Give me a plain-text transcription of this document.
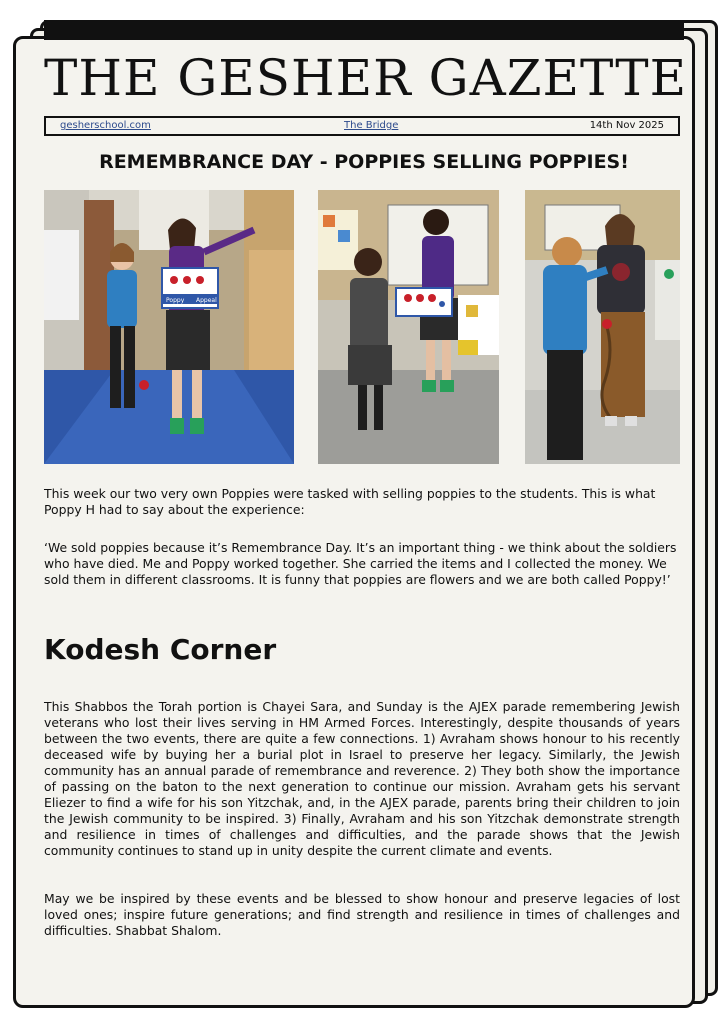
THE GESHER GAZETTE
gesherschool.com	The Bridge	14th Nov 2025
REMEMBRANCE DAY - POPPIES SELLING POPPIES!
Poppy Appeal
This week our two very own Poppies were tasked with selling poppies to the students. This is what Poppy H had to say about the experience:
‘We sold poppies because it’s Remembrance Day. It’s an important thing - we think about the soldiers who have died. Me and Poppy worked together. She carried the items and I collected the money. We sold them in different classrooms. It is funny that poppies are flowers and we are both called Poppy!’
Kodesh Corner
This Shabbos the Torah portion is Chayei Sara, and Sunday is the AJEX parade remembering Jewish veterans who lost their lives serving in HM Armed Forces. Interestingly, despite thousands of years between the two events, there are quite a few connections. 1) Avraham shows honour to his recently deceased wife by buying her a burial plot in Israel to preserve her legacy. Similarly, the Jewish community has an annual parade of remembrance and reverence. 2) They both show the importance of passing on the baton to the next generation to continue our mission. Avraham gets his servant Eliezer to find a wife for his son Yitzchak, and, in the AJEX parade, parents bring their children to join the Jewish community to be inspired. 3) Finally, Avraham and his son Yitzchak demonstrate strength and resilience in times of challenges and difficulties, and the parade shows that the Jewish community continues to stand up in unity despite the current climate and events.
May we be inspired by these events and be blessed to show honour and preserve legacies of lost loved ones; inspire future generations; and find strength and resilience in times of challenges and difficulties. Shabbat Shalom.
